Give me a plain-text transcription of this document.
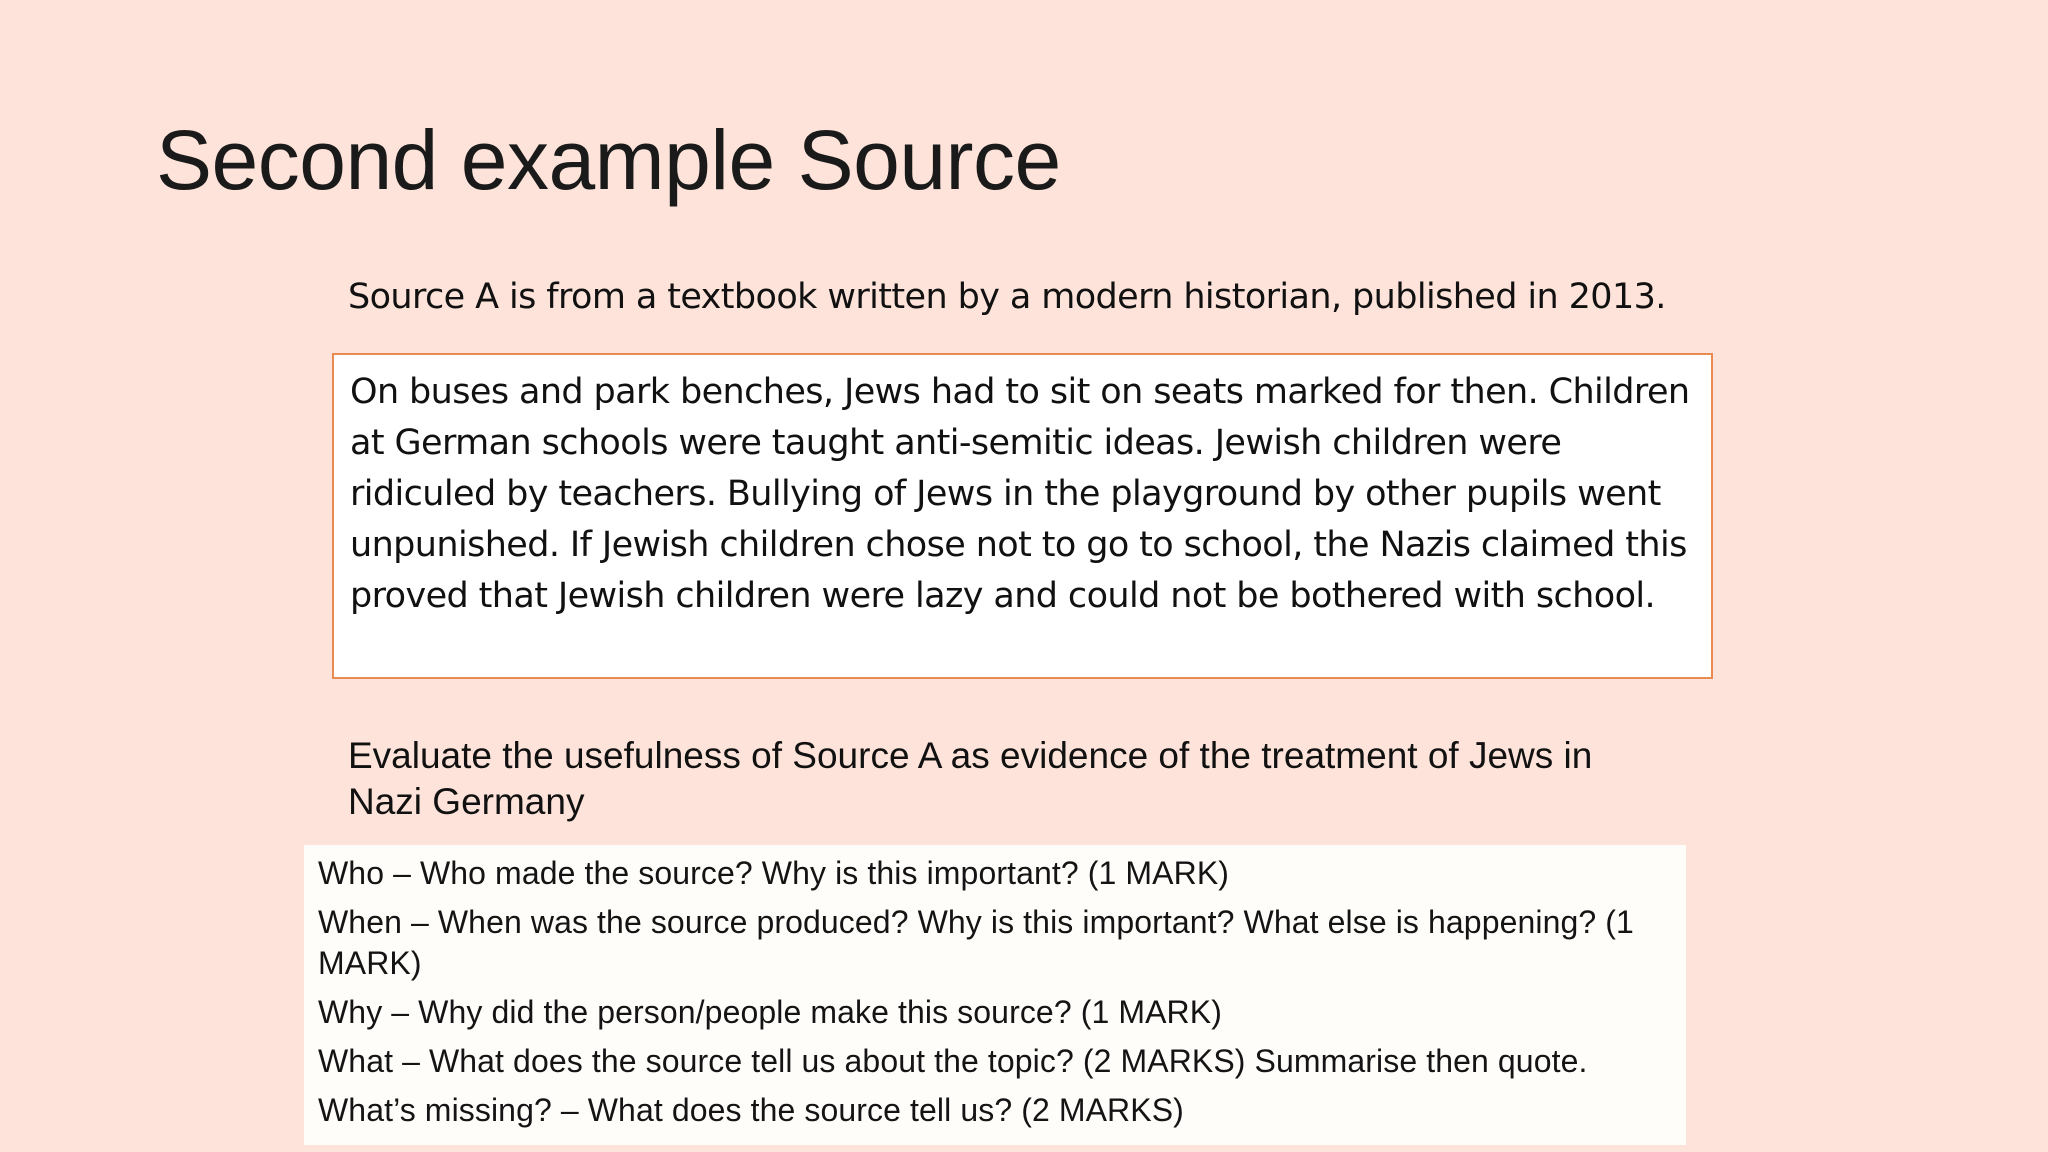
Second example Source
Source A is from a textbook written by a modern historian, published in 2013.
On buses and park benches, Jews had to sit on seats marked for then. Children at German schools were taught anti-semitic ideas. Jewish children were ridiculed by teachers. Bullying of Jews in the playground by other pupils went unpunished. If Jewish children chose not to go to school, the Nazis claimed this proved that Jewish children were lazy and could not be bothered with school.
Evaluate the usefulness of Source A as evidence of the treatment of Jews in Nazi Germany
Who – Who made the source? Why is this important? (1 MARK)
When – When was the source produced? Why is this important? What else is happening? (1 MARK)
Why – Why did the person/people make this source? (1 MARK)
What – What does the source tell us about the topic? (2 MARKS) Summarise then quote.
What’s missing? – What does the source tell us? (2 MARKS)
